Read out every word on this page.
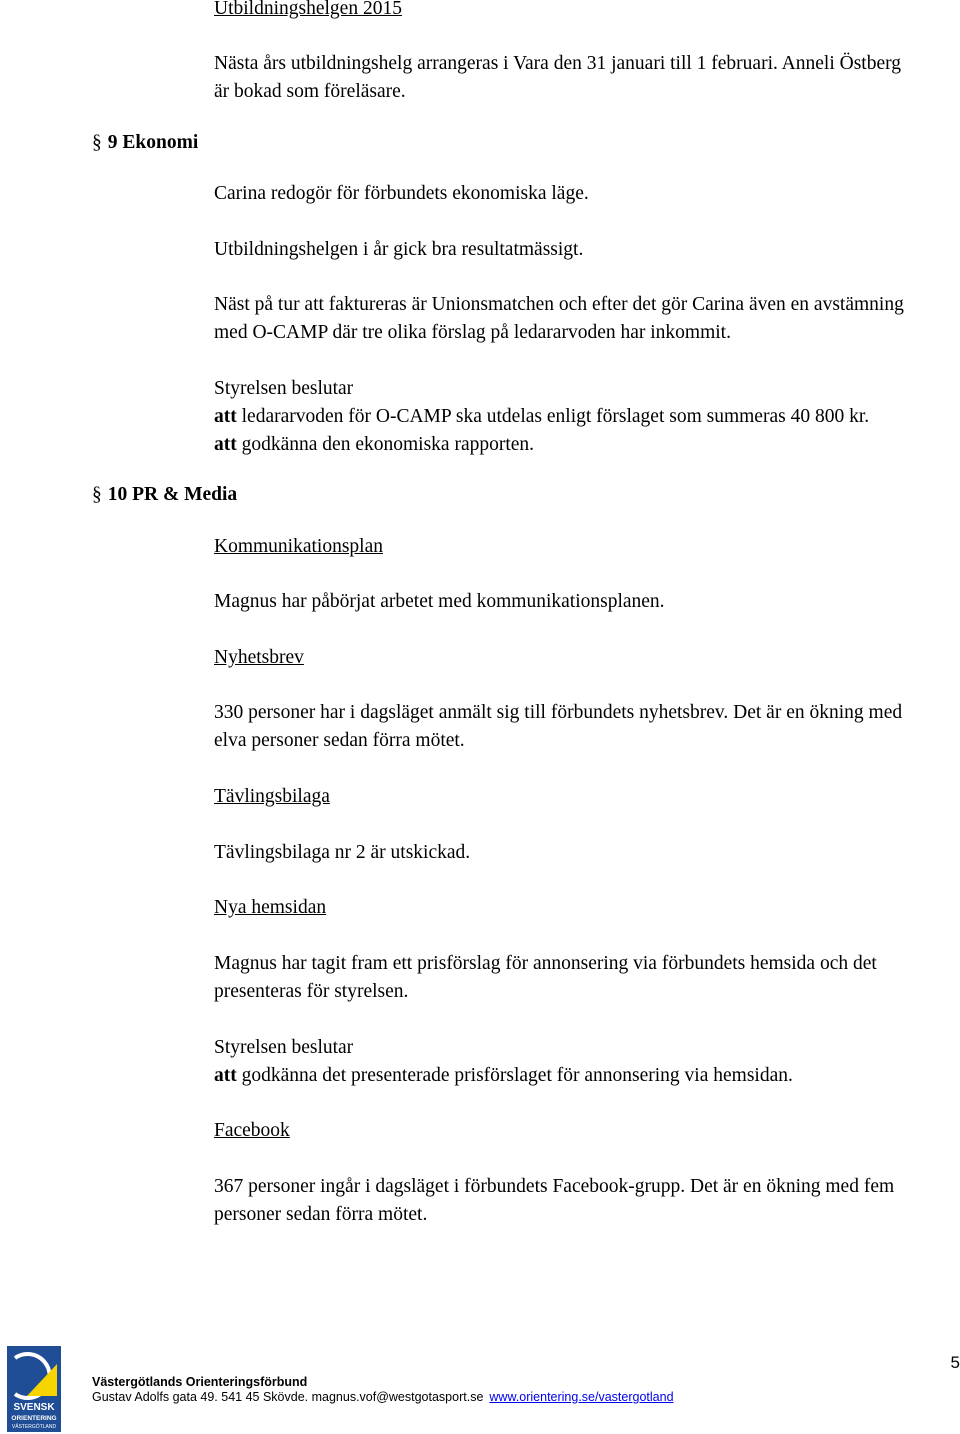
Utbildningshelgen 2015

Nästa års utbildningshelg arrangeras i Vara den 31 januari till 1 februari. Anneli Östberg

är bokad som föreläsare.

§ 9 Ekonomi

Carina redogör för förbundets ekonomiska läge.

Utbildningshelgen i år gick bra resultatmässigt.

Näst på tur att faktureras är Unionsmatchen och efter det gör Carina även en avstämning

med O-CAMP där tre olika förslag på ledararvoden har inkommit.

Styrelsen beslutar

att ledararvoden för O-CAMP ska utdelas enligt förslaget som summeras 40 800 kr.

att godkänna den ekonomiska rapporten.

§ 10 PR & Media

Kommunikationsplan

Magnus har påbörjat arbetet med kommunikationsplanen.

Nyhetsbrev

330 personer har i dagsläget anmält sig till förbundets nyhetsbrev. Det är en ökning med

elva personer sedan förra mötet.

Tävlingsbilaga

Tävlingsbilaga nr 2 är utskickad.

Nya hemsidan

Magnus har tagit fram ett prisförslag för annonsering via förbundets hemsida och det

presenteras för styrelsen.

Styrelsen beslutar

att godkänna det presenterade prisförslaget för annonsering via hemsidan.

Facebook

367 personer ingår i dagsläget i förbundets Facebook-grupp. Det är en ökning med fem

personer sedan förra mötet.

SVENSK
ORIENTERING
VÄSTERGÖTLAND
Västergötlands Orienteringsförbund
Gustav Adolfs gata 49. 541 45 Skövde. magnus.vof@westgotasport.se www.orientering.se/vastergotland
5
